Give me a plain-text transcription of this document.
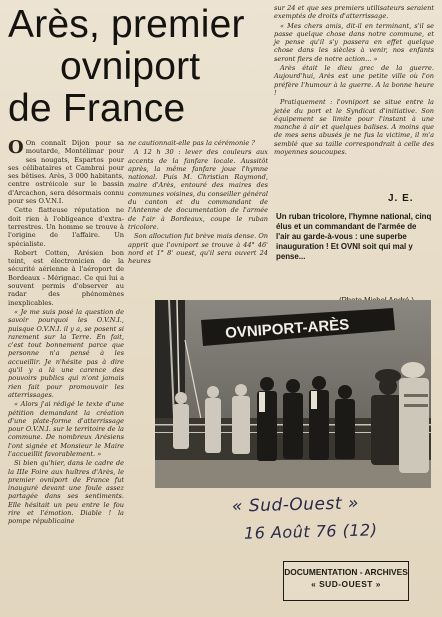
Arès, premier
ovniport
de France

O On connaît Dijon pour sa moutarde, Montélimar pour ses nougats, Espartos pour ses célibataires et Cambrai pour ses bêtises. Arès, 3 000 habitants, centre ostréicole sur le bassin d'Arcachon, sera désormais connu pour ses O.V.N.I.

Cette flatteuse réputation ne doit rien à l'obligeance d'extra-terrestres. Un homme se trouve à l'origine de l'affaire. Un spécialiste.

Robert Cotten, Arésien bon teint, est électronicien de la sécurité aérienne à l'aéroport de Bordeaux - Mérignac. Ce qui lui a souvent permis d'observer au radar des phénomènes inexplicables.

« Je me suis posé la question de savoir pourquoi les O.V.N.I., puisque O.V.N.I. il y a, se posent si rarement sur la Terre. En fait, c'est tout bonnement parce que personne n'a pensé à les accueillir. Je n'hésite pas à dire qu'il y a là une carence des pouvoirs publics qui n'ont jamais rien fait pour promouvoir les atterrissages.

« Alors j'ai rédigé le texte d'une pétition demandant la création d'une plate-forme d'atterrissage pour O.V.N.I. sur le territoire de la commune. De nombreux Arésiens l'ont signée et Monsieur le Maire l'accueillit favorablement. »

Si bien qu'hier, dans le cadre de la IIIe Foire aux huîtres d'Arès, le premier ovniport de France fut inauguré devant une foule assez partagée dans ses sentiments. Elle hésitait un peu entre le fou rire et l'émotion. Diable ! la pompe républicaine

ne cautionnait-elle pas la cérémonie ?

A 12 h 30 : lever des couleurs aux accents de la fanfare locale. Aussitôt après, la même fanfare joue l'hymne national. Puis M. Christian Raymond, maire d'Arès, entouré des maires des communes voisines, du conseiller général du canton et du commandant de l'Antenne de documentation de l'armée de l'air à Bordeaux, coupe le ruban tricolore.

Son allocution fut brève mais dense. On apprit que l'ovniport se trouve à 44° 46' nord et 1° 8' ouest, qu'il sera ouvert 24 heures

sur 24 et que ses premiers utilisateurs seraient exemptés de droits d'atterrissage.

« Mes chers amis, dit-il en terminant, s'il se passe quelque chose dans notre commune, et je pense qu'il s'y passera en effet quelque chose dans les siècles à venir, nos enfants seront fiers de notre action... »

Arès était le dieu grec de la guerre. Aujourd'hui, Arès est une petite ville où l'on préfère l'humour à la guerre. A la bonne heure !

Pratiquement : l'ovniport se situe entre la jetée du port et le Syndicat d'initiative. Son équipement se limite pour l'instant à une manche à air et quelques balises. A moins que de mes sens abusés je ne fus la victime, il m'a semblé que sa taille correspondrait à celle des moyennes soucoupes.

J. E.
Un ruban tricolore, l'hymne national, cinq élus et un commandant de l'armée de l'air au garde-à-vous : une superbe inauguration ! Et OVNI soit qui mal y pense...
OVNIPORT-ARÈS
« Sud-Ouest »
16 Août 76 (12)
DOCUMENTATION - ARCHIVES
« SUD-OUEST »
